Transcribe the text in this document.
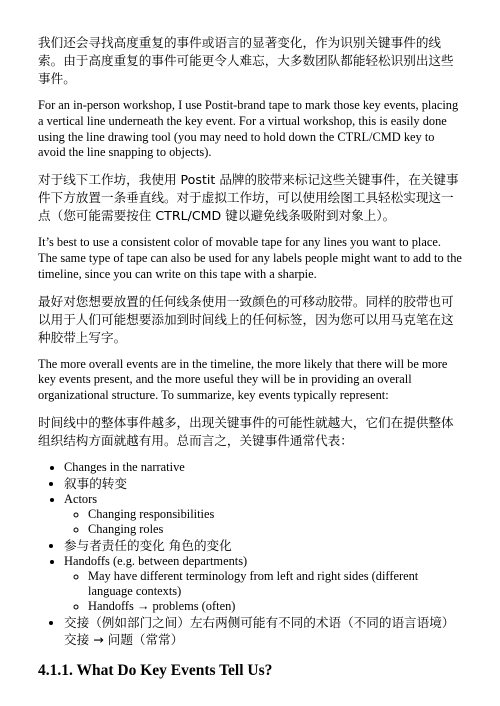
我们还会寻找高度重复的事件或语言的显著变化，作为识别关键事件的线索。由于高度重复的事件可能更令人难忘，大多数团队都能轻松识别出这些事件。

For an in-person workshop, I use Postit-brand tape to mark those key events, placing a vertical line underneath the key event. For a virtual workshop, this is easily done using the line drawing tool (you may need to hold down the CTRL/CMD key to avoid the line snapping to objects).

对于线下工作坊，我使用 Postit 品牌的胶带来标记这些关键事件，在关键事件下方放置一条垂直线。对于虚拟工作坊，可以使用绘图工具轻松实现这一点（您可能需要按住 CTRL/CMD 键以避免线条吸附到对象上）。

It’s best to use a consistent color of movable tape for any lines you want to place. The same type of tape can also be used for any labels people might want to add to the timeline, since you can write on this tape with a sharpie.

最好对您想要放置的任何线条使用一致颜色的可移动胶带。同样的胶带也可以用于人们可能想要添加到时间线上的任何标签，因为您可以用马克笔在这种胶带上写字。

The more overall events are in the timeline, the more likely that there will be more key events present, and the more useful they will be in providing an overall organizational structure. To summarize, key events typically represent:

时间线中的整体事件越多，出现关键事件的可能性就越大，它们在提供整体组织结构方面就越有用。总而言之，关键事件通常代表：

• Changes in the narrative
• 叙事的转变
• Actors
◦ Changing responsibilities
◦ Changing roles
• 参与者责任的变化 角色的变化
• Handoffs (e.g. between departments)
◦ May have different terminology from left and right sides (different language contexts)
◦ Handoffs → problems (often)
• 交接（例如部门之间）左右两侧可能有不同的术语（不同的语言语境）交接 → 问题（常常）
4.1.1. What Do Key Events Tell Us?
